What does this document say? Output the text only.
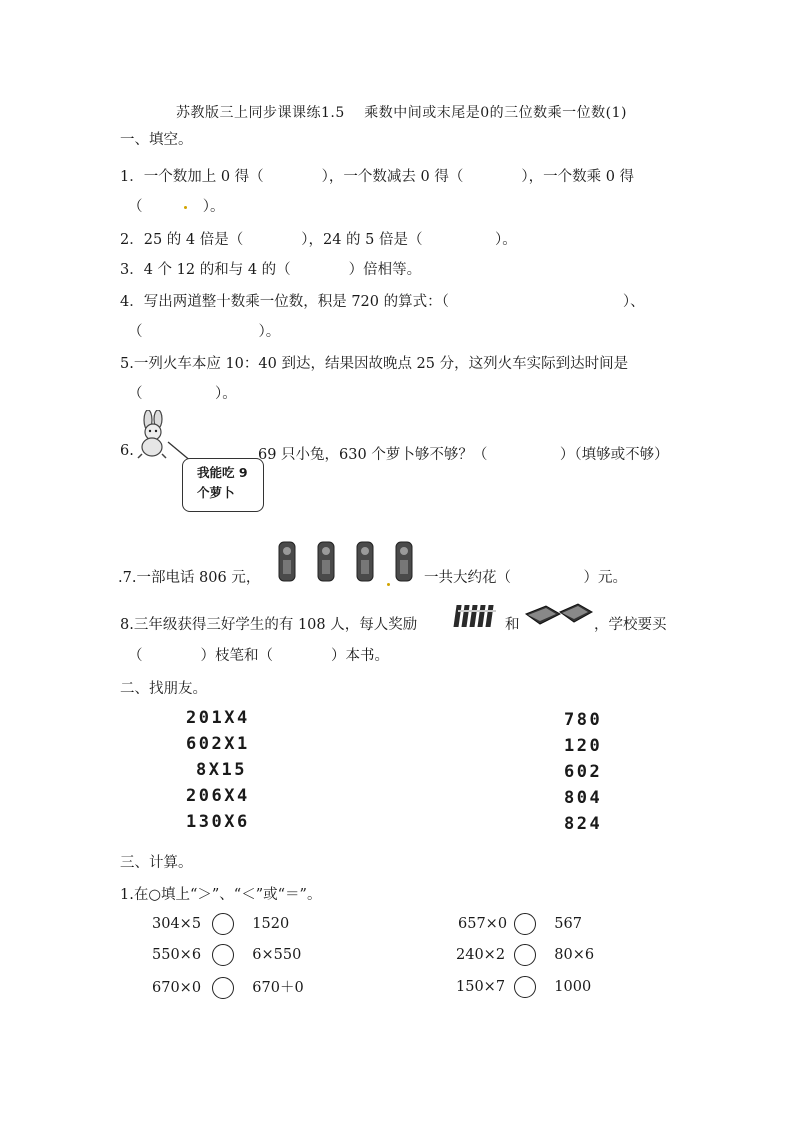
苏教版三上同步课课练1.5　 乘数中间或末尾是0的三位数乘一位数(1)
一、填空。
1．一个数加上 0 得（　　　　），一个数减去 0 得（　　　　），一个数乘 0 得
（	）。
2．25 的 4 倍是（　　　　），24 的 5 倍是（　　　　　）。
3．4 个 12 的和与 4 的（　　　　）倍相等。
4．写出两道整十数乘一位数，积是 720 的算式：（　　　　　　　　　　　　）、
（　　　　　　　　）。
5.一列火车本应 10：40 到达，结果因故晚点 25 分，这列火车实际到达时间是
（　　　　　）。
6.
我能吃 9 个萝卜
69 只小兔，630 个萝卜够不够？（　　　　　）（填够或不够）
.7.一部电话 806 元，	一共大约花（　　　　　）元。
8.三年级获得三好学生的有 108 人，每人奖励	和	，学校要买
（　　　　）枝笔和（　　　　）本书。
二、找朋友。
201X4
602X1
8X15
206X4
130X6
780
120
602
804
824
三、计算。
1.在○填上“＞”、“＜”或“＝”。
304×5	1520	657×0	567
550×6	6×550	240×2	80×6
670×0	670＋0	150×7	1000
